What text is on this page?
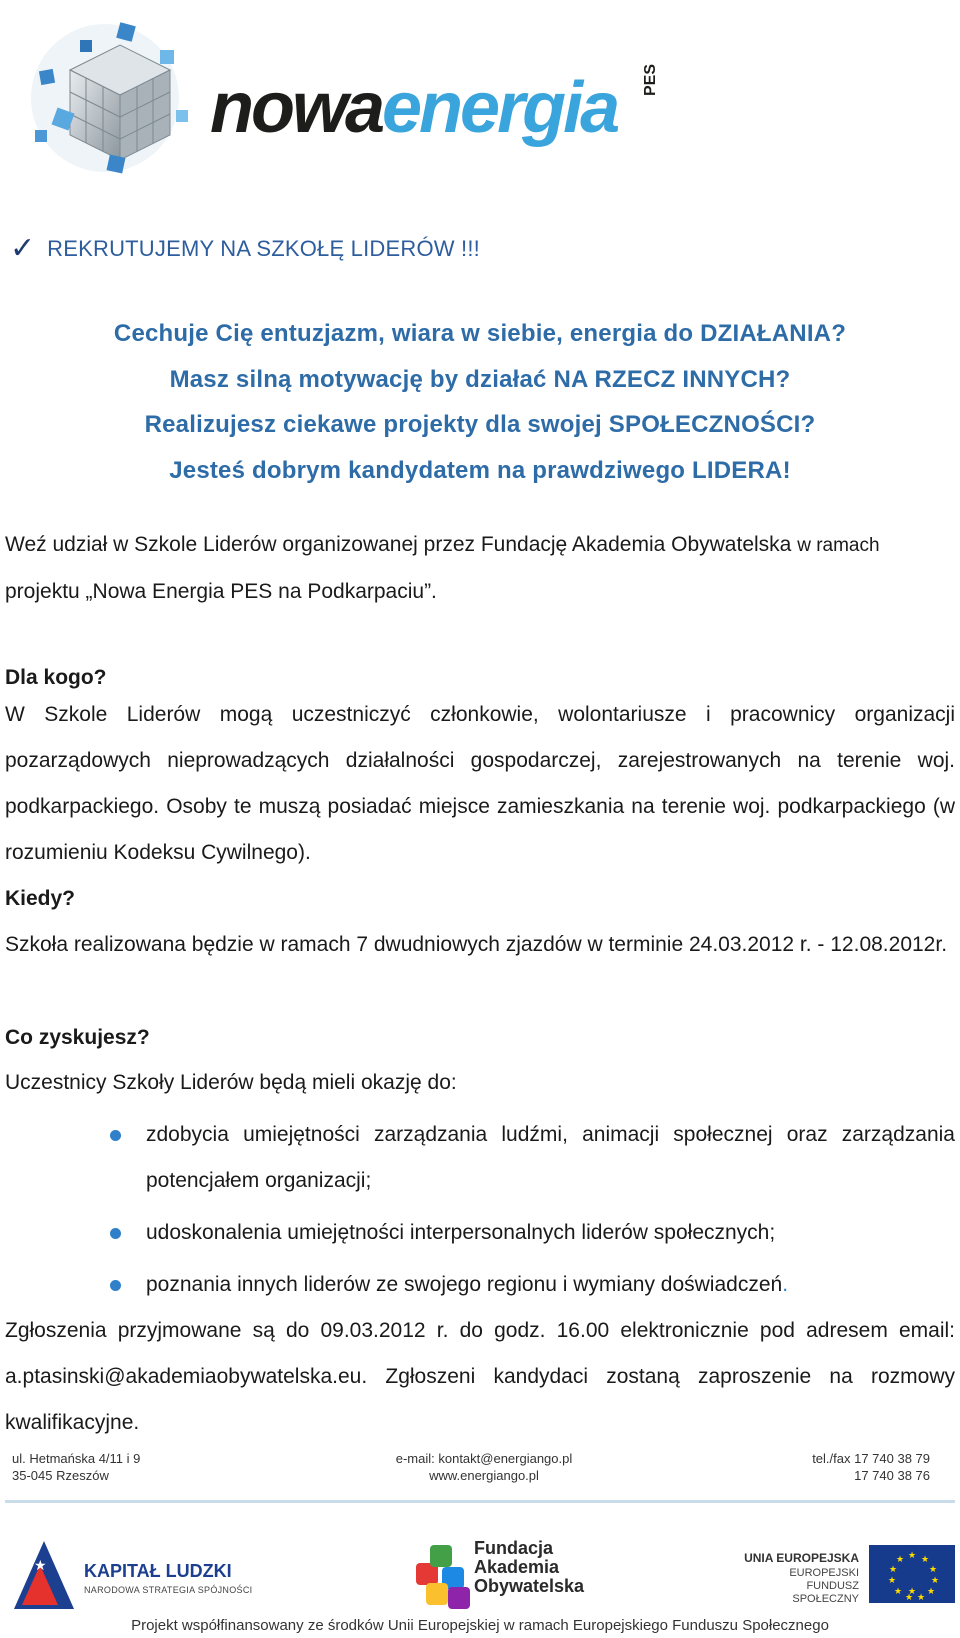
nowaenergia PES
✓ REKRUTUJEMY NA SZKOŁĘ LIDERÓW !!!
Cechuje Cię entuzjazm, wiara w siebie, energia do DZIAŁANIA?
Masz silną motywację by działać NA RZECZ INNYCH?
Realizujesz ciekawe projekty dla swojej SPOŁECZNOŚCI?
Jesteś dobrym kandydatem na prawdziwego LIDERA!
Weź udział w Szkole Liderów organizowanej przez Fundację Akademia Obywatelska w ramach
projektu „Nowa Energia PES na Podkarpaciu”.
Dla kogo?
W Szkole Liderów mogą uczestniczyć członkowie, wolontariusze i pracownicy organizacji pozarządowych nieprowadzących działalności gospodarczej, zarejestrowanych na terenie woj. podkarpackiego. Osoby te muszą posiadać miejsce zamieszkania na terenie woj. podkarpackiego (w rozumieniu Kodeksu Cywilnego).
Kiedy?
Szkoła realizowana będzie w ramach 7 dwudniowych zjazdów w terminie 24.03.2012 r. - 12.08.2012r.
Co zyskujesz?
Uczestnicy Szkoły Liderów będą mieli okazję do:
zdobycia umiejętności zarządzania ludźmi, animacji społecznej oraz zarządzania potencjałem organizacji;
udoskonalenia umiejętności interpersonalnych liderów społecznych;
poznania innych liderów ze swojego regionu i wymiany doświadczeń.
Zgłoszenia przyjmowane są do 09.03.2012 r. do godz. 16.00 elektronicznie pod adresem email: a.ptasinski@akademiaobywatelska.eu. Zgłoszeni kandydaci zostaną zaproszenie na rozmowy kwalifikacyjne.
ul. Hetmańska 4/11 i 9
35-045 Rzeszów
e-mail: kontakt@energiango.pl
www.energiango.pl
tel./fax 17 740 38 79
17 740 38 76
★ KAPITAŁ LUDZKI
NARODOWA STRATEGIA SPÓJNOŚCI
Fundacja
Akademia
Obywatelska
UNIA EUROPEJSKA
EUROPEJSKI
FUNDUSZ SPOŁECZNY
★ ★
★
★
★
★
★
★
★
★
★
★
Projekt współfinansowany ze środków Unii Europejskiej w ramach Europejskiego Funduszu Społecznego
